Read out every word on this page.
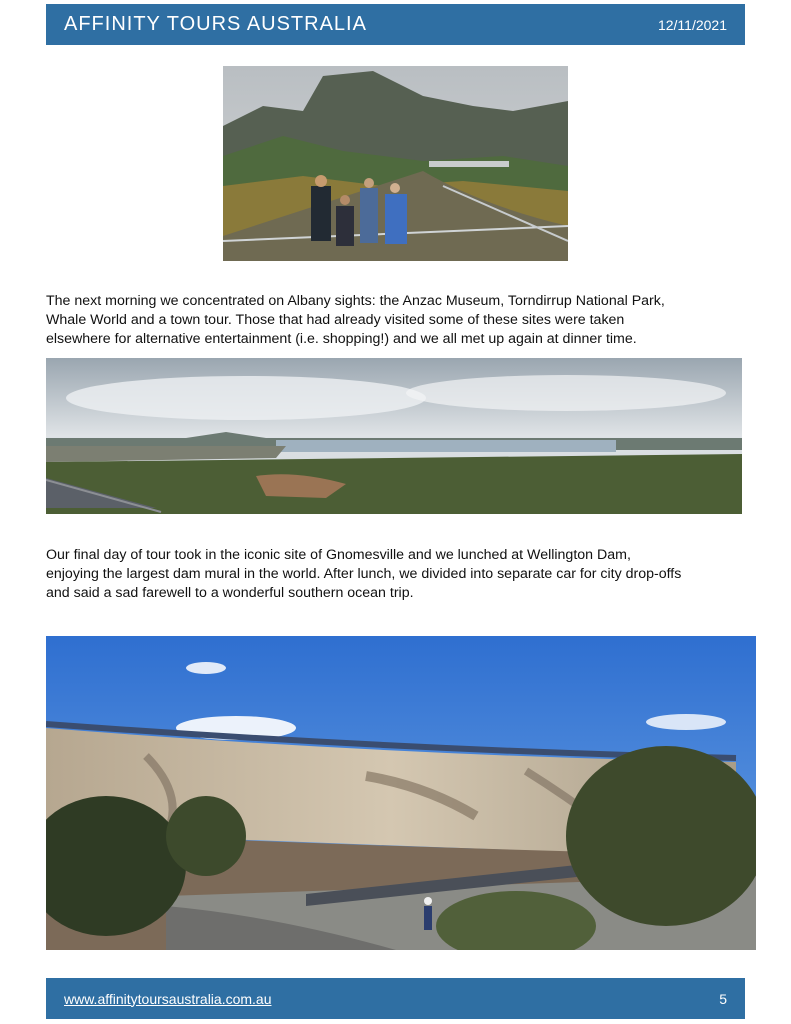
AFFINITY TOURS AUSTRALIA	12/11/2021
The next morning we concentrated on Albany sights: the Anzac Museum, Torndirrup National Park,
Whale World and a town tour. Those that had already visited some of these sites were taken
elsewhere for alternative entertainment (i.e. shopping!) and we all met up again at dinner time.
Our final day of tour took in the iconic site of Gnomesville and we lunched at Wellington Dam,
enjoying the largest dam mural in the world. After lunch, we divided into separate car for city drop-offs
and said a sad farewell to a wonderful southern ocean trip.
www.affinitytoursaustralia.com.au	5
